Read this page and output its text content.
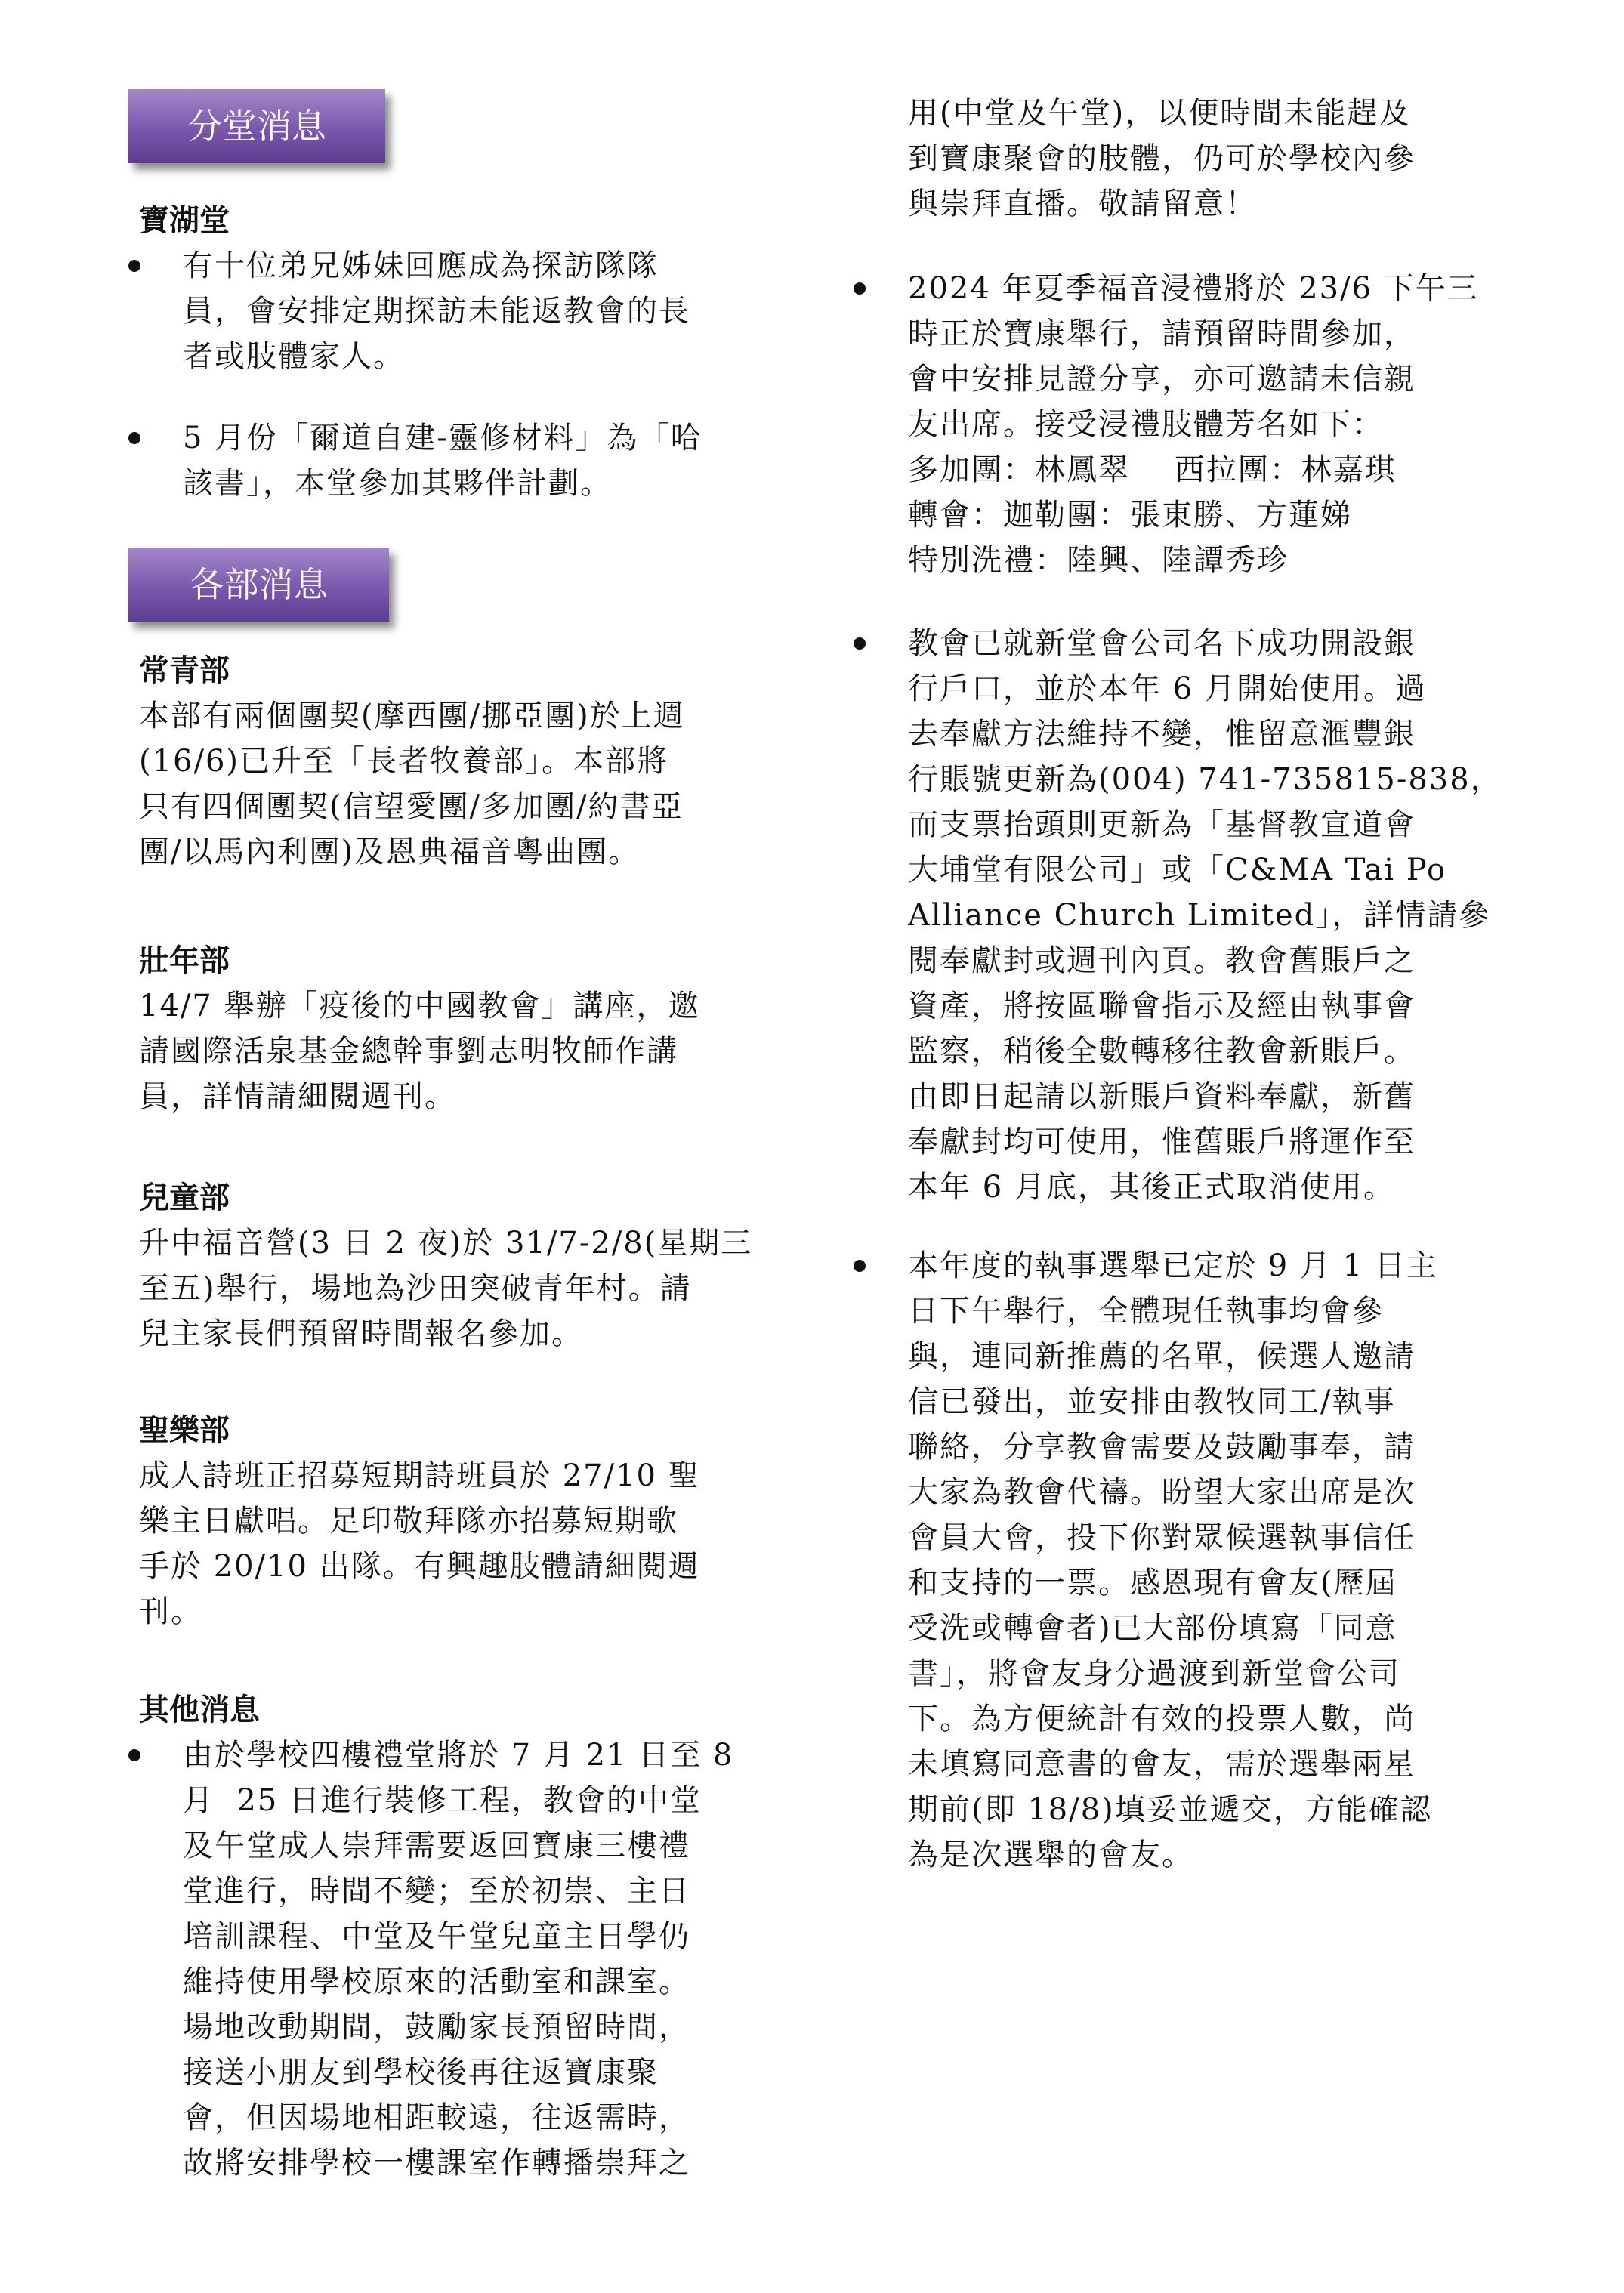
分堂消息
寶湖堂
有十位弟兄姊妹回應成為探訪隊隊
員，會安排定期探訪未能返教會的長
者或肢體家人。
5 月份「爾道自建-靈修材料」為「哈
該書」，本堂參加其夥伴計劃。
各部消息
常青部
本部有兩個團契(摩西團/挪亞團)於上週
(16/6)已升至「長者牧養部」。本部將
只有四個團契(信望愛團/多加團/約書亞
團/以馬內利團)及恩典福音粵曲團。
壯年部
14/7 舉辦「疫後的中國教會」講座，邀
請國際活泉基金總幹事劉志明牧師作講
員，詳情請細閱週刊。
兒童部
升中福音營(3 日 2 夜)於 31/7-2/8(星期三
至五)舉行，場地為沙田突破青年村。請
兒主家長們預留時間報名參加。
聖樂部
成人詩班正招募短期詩班員於 27/10 聖
樂主日獻唱。足印敬拜隊亦招募短期歌
手於 20/10 出隊。有興趣肢體請細閱週
刊。
其他消息
由於學校四樓禮堂將於 7 月 21 日至 8
月  25 日進行裝修工程，教會的中堂
及午堂成人崇拜需要返回寶康三樓禮
堂進行，時間不變；至於初崇、主日
培訓課程、中堂及午堂兒童主日學仍
維持使用學校原來的活動室和課室。
場地改動期間，鼓勵家長預留時間，
接送小朋友到學校後再往返寶康聚
會，但因場地相距較遠，往返需時，
故將安排學校一樓課室作轉播崇拜之
用(中堂及午堂)，以便時間未能趕及
到寶康聚會的肢體，仍可於學校內參
與崇拜直播。敬請留意！
2024 年夏季福音浸禮將於 23/6 下午三
時正於寶康舉行，請預留時間參加，
會中安排見證分享，亦可邀請未信親
友出席。接受浸禮肢體芳名如下：
多加團：林鳳翠    西拉團：林嘉琪
轉會：迦勒團：張東勝、方蓮娣
特別洗禮：陸興、陸譚秀珍
教會已就新堂會公司名下成功開設銀
行戶口，並於本年 6 月開始使用。過
去奉獻方法維持不變，惟留意滙豐銀
行賬號更新為(004) 741-735815-838，
而支票抬頭則更新為「基督教宣道會
大埔堂有限公司」或「C&MA Tai Po
Alliance Church Limited」，詳情請參
閱奉獻封或週刊內頁。教會舊賬戶之
資產，將按區聯會指示及經由執事會
監察，稍後全數轉移往教會新賬戶。
由即日起請以新賬戶資料奉獻，新舊
奉獻封均可使用，惟舊賬戶將運作至
本年 6 月底，其後正式取消使用。
本年度的執事選舉已定於 9 月 1 日主
日下午舉行，全體現任執事均會參
與，連同新推薦的名單，候選人邀請
信已發出，並安排由教牧同工/執事
聯絡，分享教會需要及鼓勵事奉，請
大家為教會代禱。盼望大家出席是次
會員大會，投下你對眾候選執事信任
和支持的一票。感恩現有會友(歷屆
受洗或轉會者)已大部份填寫「同意
書」，將會友身分過渡到新堂會公司
下。為方便統計有效的投票人數，尚
未填寫同意書的會友，需於選舉兩星
期前(即 18/8)填妥並遞交，方能確認
為是次選舉的會友。
